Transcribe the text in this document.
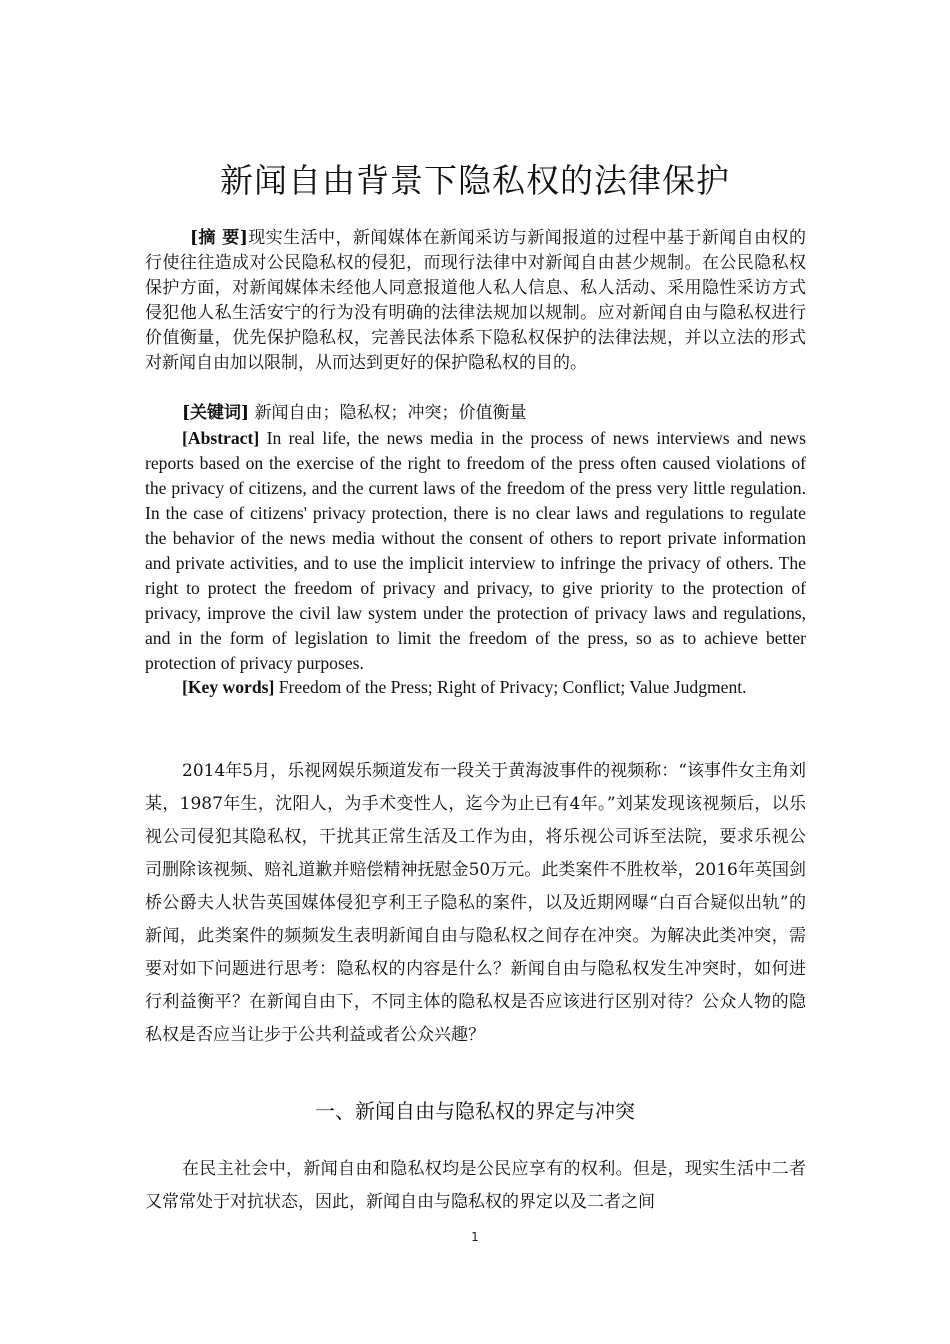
新闻自由背景下隐私权的法律保护
[摘 要]现实生活中，新闻媒体在新闻采访与新闻报道的过程中基于新闻自由权的行使往往造成对公民隐私权的侵犯，而现行法律中对新闻自由甚少规制。在公民隐私权保护方面，对新闻媒体未经他人同意报道他人私人信息、私人活动、采用隐性采访方式侵犯他人私生活安宁的行为没有明确的法律法规加以规制。应对新闻自由与隐私权进行价值衡量，优先保护隐私权，完善民法体系下隐私权保护的法律法规，并以立法的形式对新闻自由加以限制，从而达到更好的保护隐私权的目的。
[关键词] 新闻自由；隐私权；冲突；价值衡量
[Abstract] In real life, the news media in the process of news interviews and news reports based on the exercise of the right to freedom of the press often caused violations of the privacy of citizens, and the current laws of the freedom of the press very little regulation. In the case of citizens' privacy protection, there is no clear laws and regulations to regulate the behavior of the news media without the consent of others to report private information and private activities, and to use the implicit interview to infringe the privacy of others. The right to protect the freedom of privacy and privacy, to give priority to the protection of privacy, improve the civil law system under the protection of privacy laws and regulations, and in the form of legislation to limit the freedom of the press, so as to achieve better protection of privacy purposes.
[Key words] Freedom of the Press; Right of Privacy; Conflict; Value Judgment.
2014年5月，乐视网娱乐频道发布一段关于黄海波事件的视频称：“该事件女主角刘某，1987年生，沈阳人，为手术变性人，迄今为止已有4年。”刘某发现该视频后，以乐视公司侵犯其隐私权，干扰其正常生活及工作为由，将乐视公司诉至法院，要求乐视公司删除该视频、赔礼道歉并赔偿精神抚慰金50万元。此类案件不胜枚举，2016年英国剑桥公爵夫人状告英国媒体侵犯亨利王子隐私的案件，以及近期网曝“白百合疑似出轨”的新闻，此类案件的频频发生表明新闻自由与隐私权之间存在冲突。为解决此类冲突，需要对如下问题进行思考：隐私权的内容是什么？新闻自由与隐私权发生冲突时，如何进行利益衡平？在新闻自由下，不同主体的隐私权是否应该进行区别对待？公众人物的隐私权是否应当让步于公共利益或者公众兴趣？
一、新闻自由与隐私权的界定与冲突
在民主社会中，新闻自由和隐私权均是公民应享有的权利。但是，现实生活中二者又常常处于对抗状态，因此，新闻自由与隐私权的界定以及二者之间
1
